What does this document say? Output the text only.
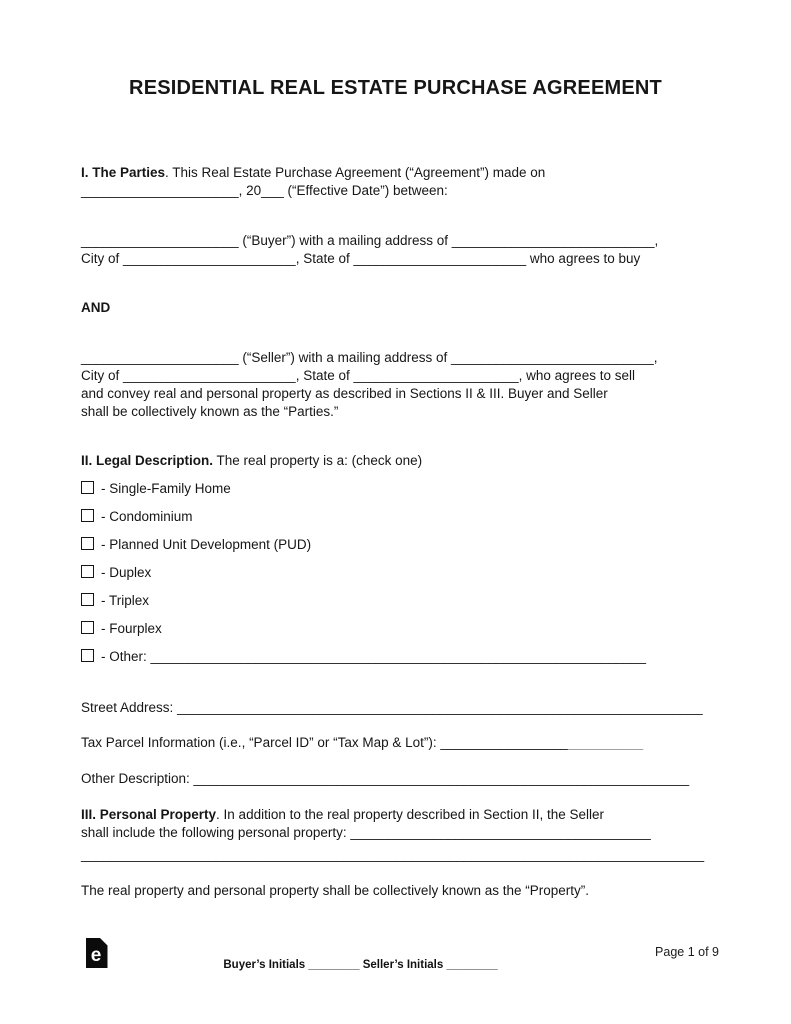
RESIDENTIAL REAL ESTATE PURCHASE AGREEMENT

I. The Parties. This Real Estate Purchase Agreement (“Agreement”) made on

_____________________, 20___ (“Effective Date”) between:

_____________________ (“Buyer”) with a mailing address of ___________________________,

City of _______________________, State of _______________________ who agrees to buy

AND

_____________________ (“Seller”) with a mailing address of ___________________________,

City of _______________________, State of ______________________, who agrees to sell

and convey real and personal property as described in Sections II & III. Buyer and Seller

shall be collectively known as the “Parties.”

II. Legal Description. The real property is a: (check one)

- Single-Family Home
- Condominium
- Planned Unit Development (PUD)
- Duplex
- Triplex
- Fourplex
- Other: __________________________________________________________________

Street Address: ______________________________________________________________________

Tax Parcel Information (i.e., “Parcel ID” or “Tax Map & Lot”): ___________________________

Other Description: __________________________________________________________________

III. Personal Property. In addition to the real property described in Section II, the Seller

shall include the following personal property: ________________________________________

___________________________________________________________________________________

The real property and personal property shall be collectively known as the “Property”.

e	Page 1 of 9
Buyer’s Initials ________ Seller’s Initials ________
